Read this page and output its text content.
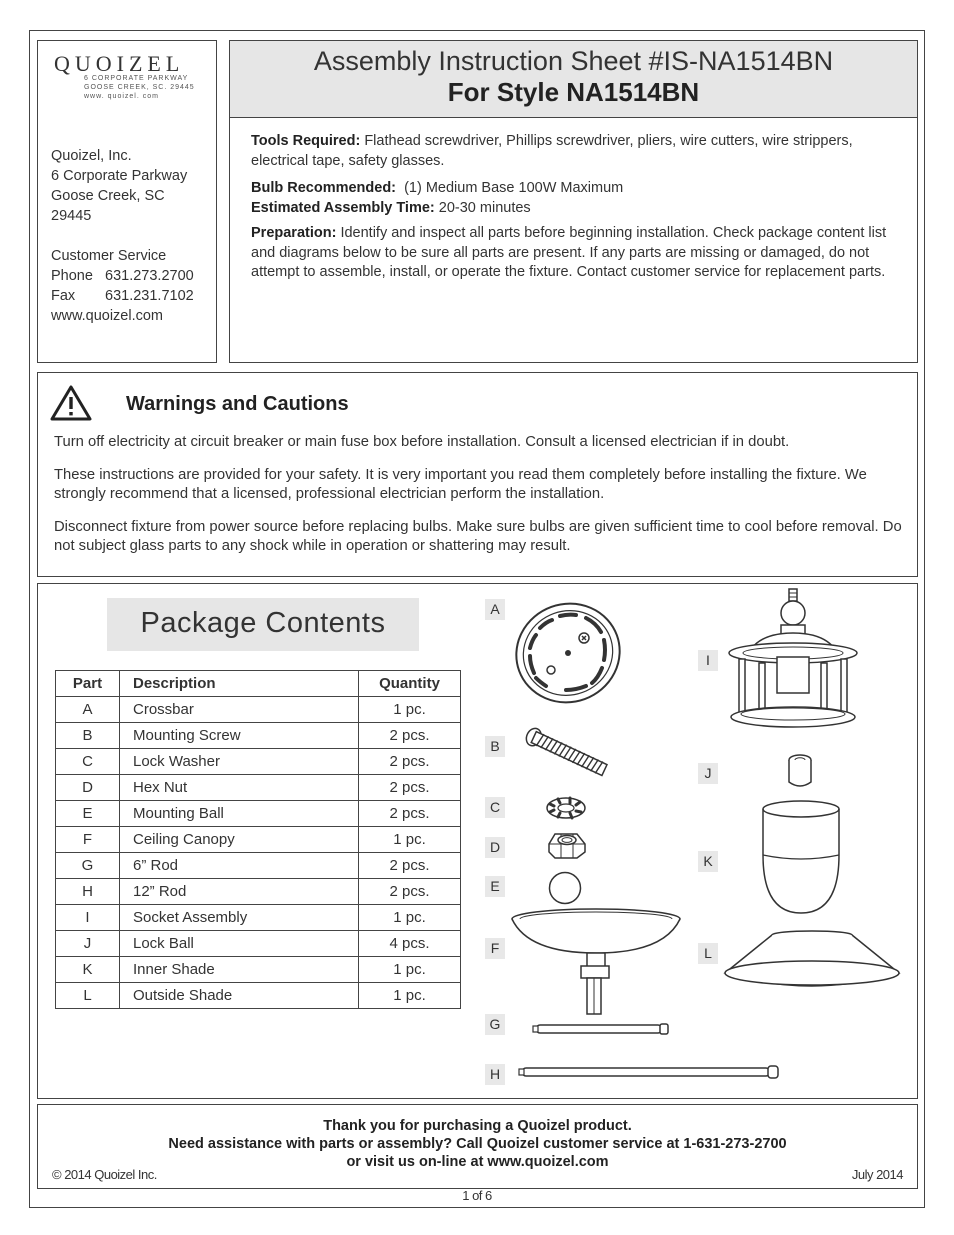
QUOIZEL
6 CORPORATE PARKWAY
GOOSE CREEK, SC. 29445
www. quoizel. com
Quoizel, Inc.
6 Corporate Parkway
Goose Creek, SC
29445
Customer Service
Phone 631.273.2700
Fax 631.231.7102
www.quoizel.com
Assembly Instruction Sheet #IS-NA1514BN
For Style NA1514BN
Tools Required: Flathead screwdriver, Phillips screwdriver, pliers, wire cutters, wire strippers, electrical tape, safety glasses.
Bulb Recommended: (1) Medium Base 100W Maximum
Estimated Assembly Time: 20-30 minutes
Preparation: Identify and inspect all parts before beginning installation. Check package content list and diagrams below to be sure all parts are present. If any parts are missing or damaged, do not attempt to assemble, install, or operate the fixture. Contact customer service for replacement parts.
Warnings and Cautions
Turn off electricity at circuit breaker or main fuse box before installation. Consult a licensed electrician if in doubt.
These instructions are provided for your safety. It is very important you read them completely before installing the fixture. We strongly recommend that a licensed, professional electrician perform the installation.
Disconnect fixture from power source before replacing bulbs. Make sure bulbs are given sufficient time to cool before removal. Do not subject glass parts to any shock while in operation or shattering may result.
Package Contents
Part	Description	Quantity
A	Crossbar	1 pc.
B	Mounting Screw	2 pcs.
C	Lock Washer	2 pcs.
D	Hex Nut	2 pcs.
E	Mounting Ball	2 pcs.
F	Ceiling Canopy	1 pc.
G	6” Rod	2 pcs.
H	12” Rod	2 pcs.
I	Socket Assembly	1 pc.
J	Lock Ball	4 pcs.
K	Inner Shade	1 pc.
L	Outside Shade	1 pc.
A
B
C
D
E
F
G
H
I
J
K
L
Thank you for purchasing a Quoizel product.
Need assistance with parts or assembly? Call Quoizel customer service at 1-631-273-2700
or visit us on-line at www.quoizel.com
© 2014 Quoizel Inc.	July 2014
1 of 6
